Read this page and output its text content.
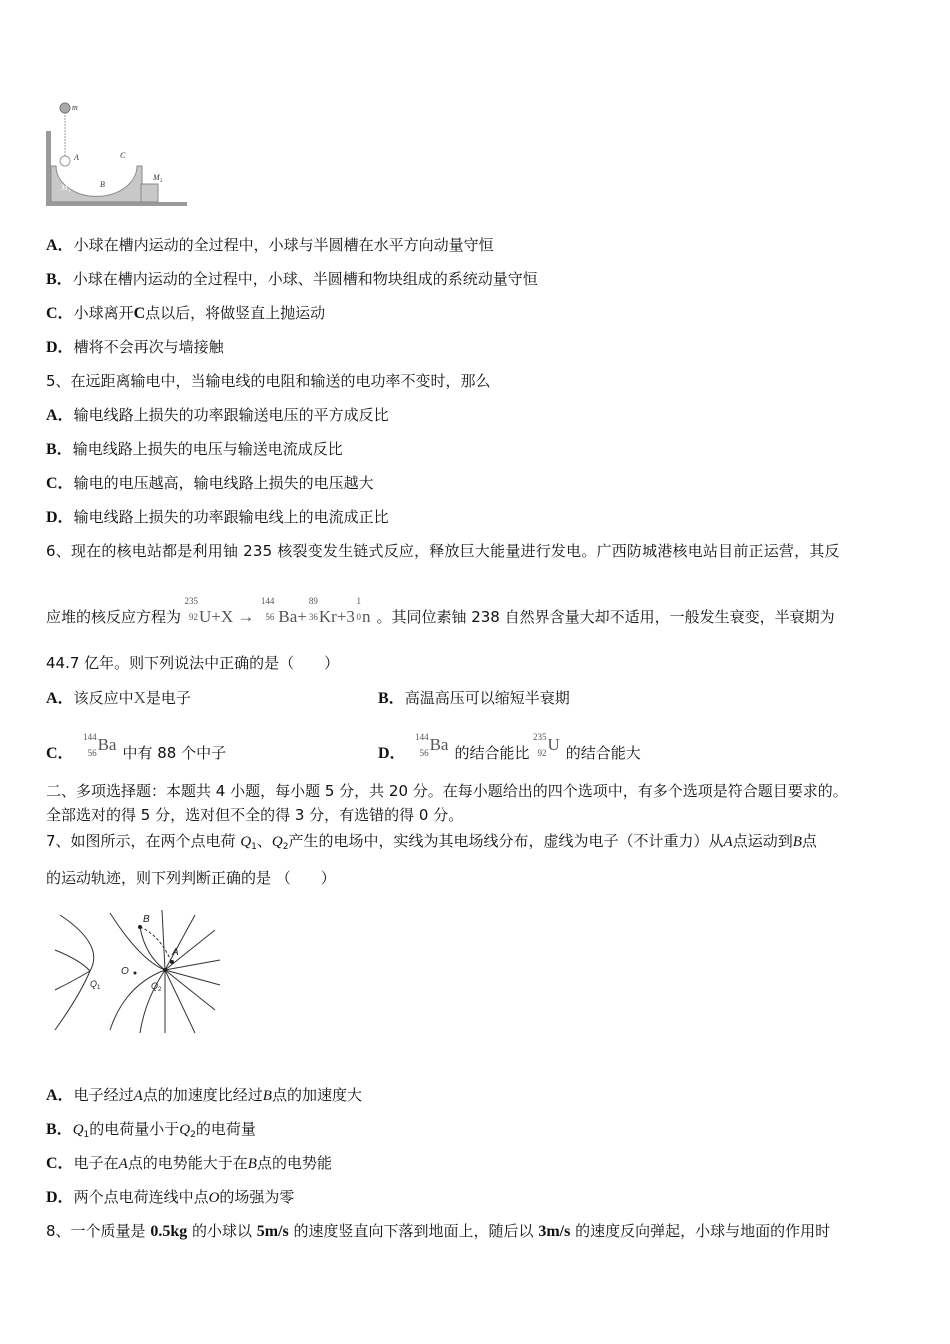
m
A	C
B
M 1
M 2
A．小球在槽内运动的全过程中，小球与半圆槽在水平方向动量守恒
B．小球在槽内运动的全过程中，小球、半圆槽和物块组成的系统动量守恒
C．小球离开C点以后，将做竖直上抛运动
D．槽将不会再次与墙接触
5、在远距离输电中，当输电线的电阻和输送的电功率不变时，那么
A．输电线路上损失的功率跟输送电压的平方成反比
B．输电线路上损失的电压与输送电流成反比
C．输电的电压越高，输电线路上损失的电压越大
D．输电线路上损失的功率跟输电线上的电流成正比
6、现在的核电站都是利用铀 235 核裂变发生链式反应，释放巨大能量进行发电。广西防城港核电站目前正运营，其反
应堆的核反应方程为
235
92 U+X →
144
56 Ba+
89
36 Kr+3
1
0 n 。其同位素铀 238 自然界含量大却不适用，一般发生衰变，半衰期为
44.7 亿年。则下列说法中正确的是（　　）
A．该反应中X是电子	B．高温高压可以缩短半衰期
C．
144
56 Ba 中有 88 个中子	D．
144
56 Ba 的结合能比
235
92 U 的结合能大
二、多项选择题：本题共 4 小题，每小题 5 分，共 20 分。在每小题给出的四个选项中，有多个选项是符合题目要求的。
全部选对的得 5 分，选对但不全的得 3 分，有选错的得 0 分。
7、如图所示，在两个点电荷 $Q_1$、$Q_2$产生的电场中，实线为其电场线分布，虚线为电子（不计重力）从A点运动到B点
的运动轨迹，则下列判断正确的是 （　　）
B
A
O
Q 1	Q 2
A．电子经过A点的加速度比经过B点的加速度大
B．$Q_1$的电荷量小于$Q_2$的电荷量
C．电子在A点的电势能大于在B点的电势能
D．两个点电荷连线中点O的场强为零
8、一个质量是 0.5kg 的小球以 5m/s 的速度竖直向下落到地面上，随后以 3m/s 的速度反向弹起，小球与地面的作用时
